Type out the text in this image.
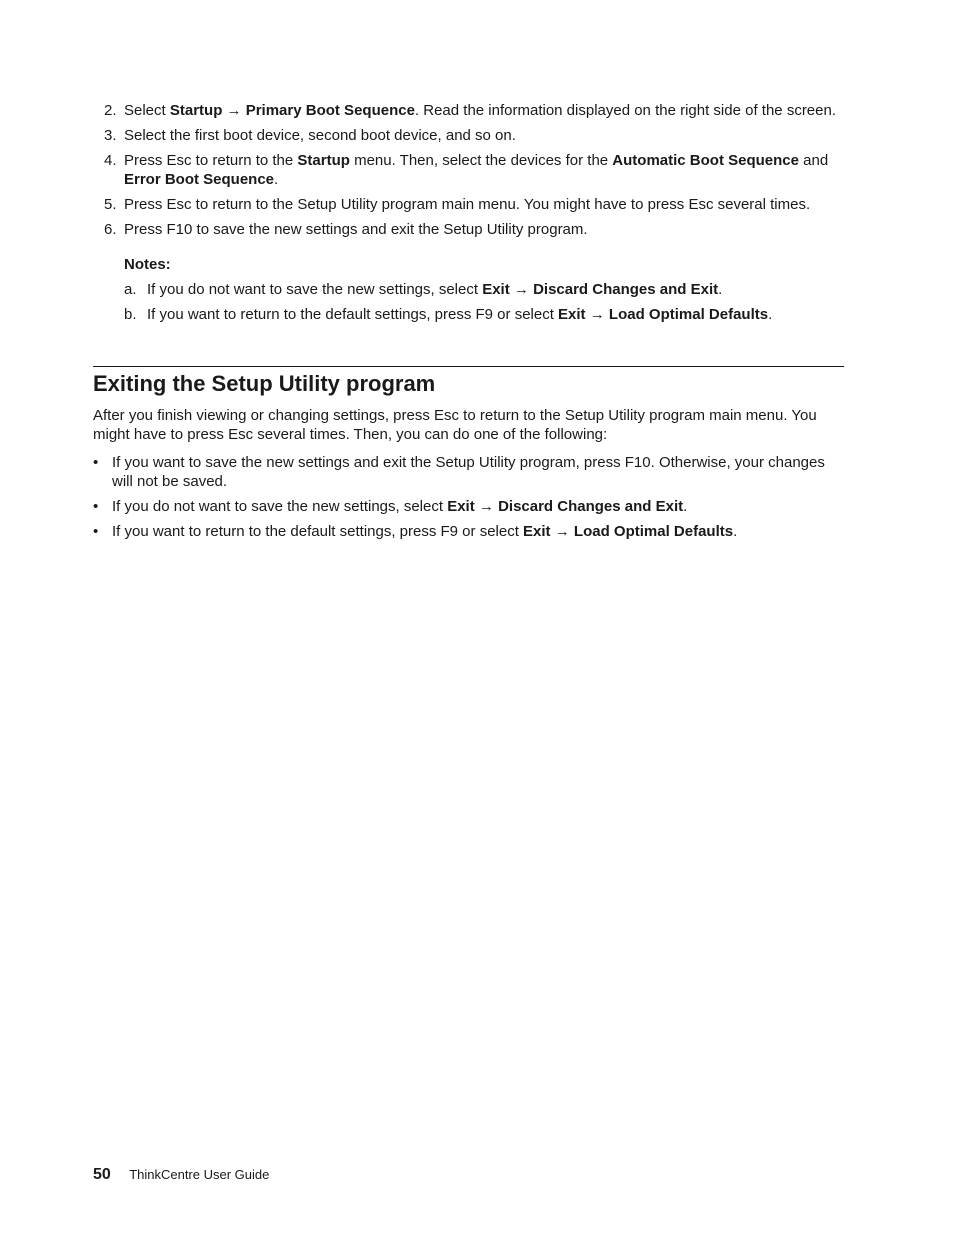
2. Select Startup → Primary Boot Sequence. Read the information displayed on the right side of the screen.
3. Select the first boot device, second boot device, and so on.
4. Press Esc to return to the Startup menu. Then, select the devices for the Automatic Boot Sequence and Error Boot Sequence.
5. Press Esc to return to the Setup Utility program main menu. You might have to press Esc several times.
6. Press F10 to save the new settings and exit the Setup Utility program.
Notes:
a. If you do not want to save the new settings, select Exit → Discard Changes and Exit.
b. If you want to return to the default settings, press F9 or select Exit → Load Optimal Defaults.
Exiting the Setup Utility program

After you finish viewing or changing settings, press Esc to return to the Setup Utility program main menu. You might have to press Esc several times. Then, you can do one of the following:

• If you want to save the new settings and exit the Setup Utility program, press F10. Otherwise, your changes will not be saved.
• If you do not want to save the new settings, select Exit → Discard Changes and Exit.
• If you want to return to the default settings, press F9 or select Exit → Load Optimal Defaults.
50 ThinkCentre User Guide
